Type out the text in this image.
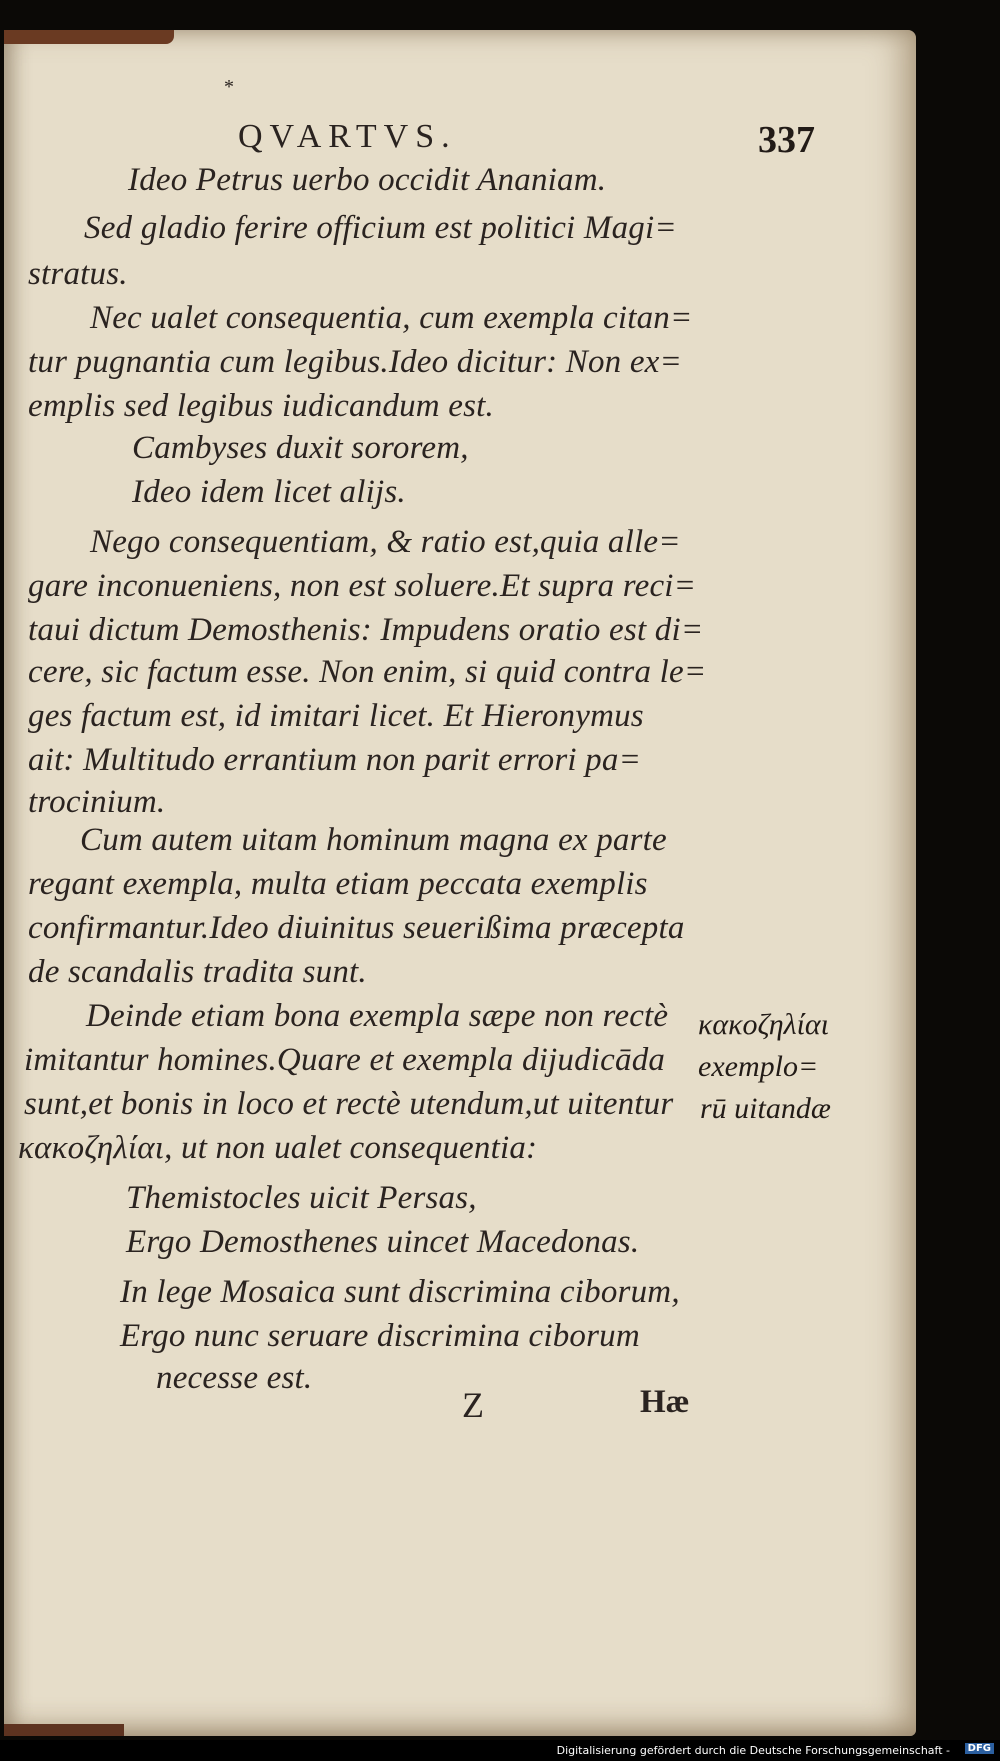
*
QVARTVS.	337
Ideo Petrus uerbo occidit Ananiam.
Sed gladio ferire officium est politici Magi=
stratus.
Nec ualet consequentia, cum exempla citan=
tur pugnantia cum legibus.Ideo dicitur: Non ex=
emplis sed legibus iudicandum est.
Cambyses duxit sororem,
Ideo idem licet alijs.
Nego consequentiam, & ratio est,quia alle=
gare inconueniens, non est soluere.Et supra reci=
taui dictum Demosthenis: Impudens oratio est di=
cere, sic factum esse. Non enim, si quid contra le=
ges factum est, id imitari licet. Et Hieronymus
ait: Multitudo errantium non parit errori pa=
trocinium.
Cum autem uitam hominum magna ex parte
regant exempla, multa etiam peccata exemplis
confirmantur.Ideo diuinitus seuerißima præcepta
de scandalis tradita sunt.
Deinde etiam bona exempla sæpe non rectè
imitantur homines.Quare et exempla dijudicāda
sunt,et bonis in loco et rectè utendum,ut uitentur
κακοζηλίαι, ut non ualet consequentia:
Themistocles uicit Persas,
Ergo Demosthenes uincet Macedonas.
In lege Mosaica sunt discrimina ciborum,
Ergo nunc seruare discrimina ciborum
necesse est.
κακοζηλίαι
exemplo=
rū uitandæ
Z	Hæ
Digitalisierung gefördert durch die Deutsche Forschungsgemeinschaft -	DFG
